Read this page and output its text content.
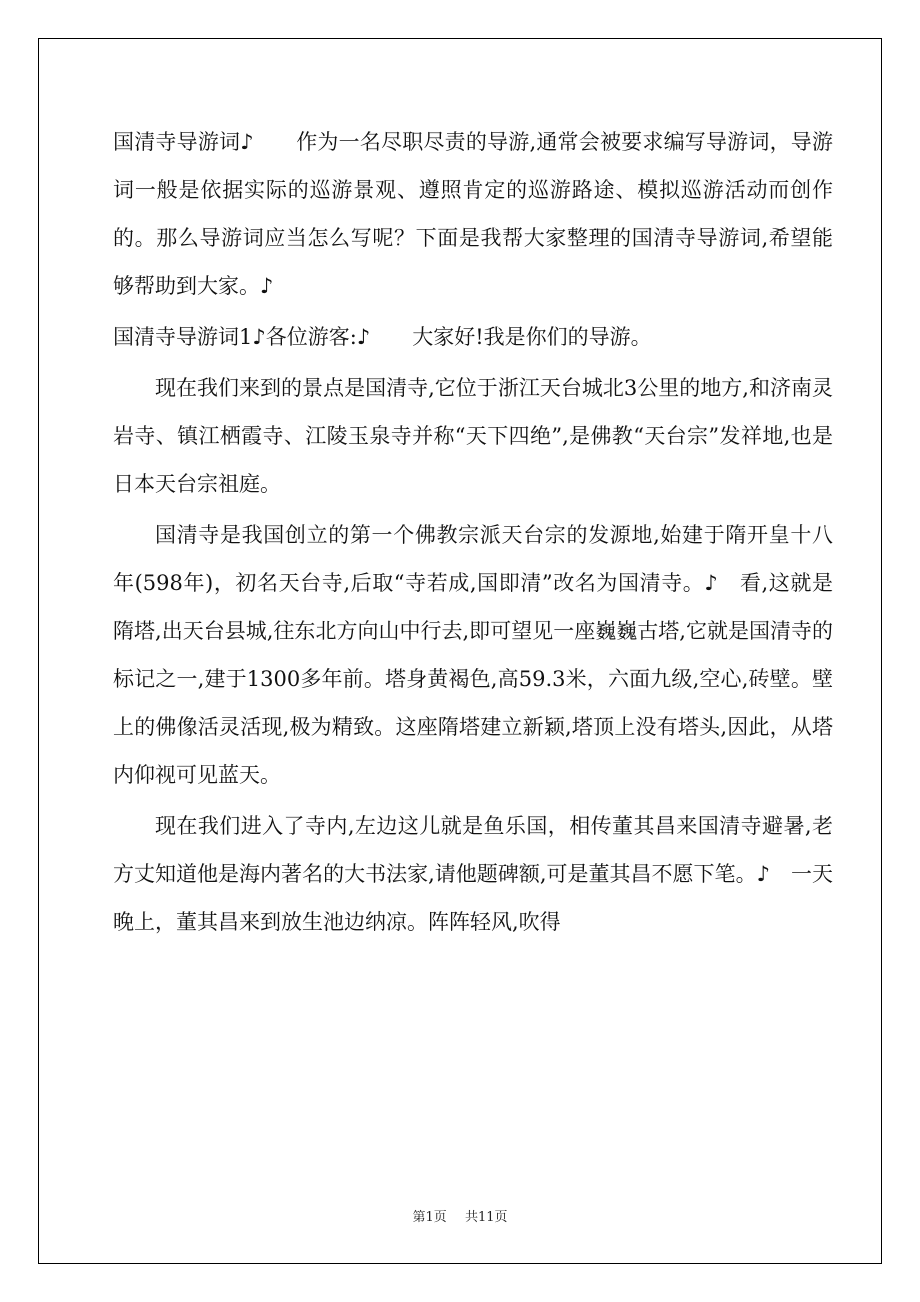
国清寺导游词♪　　作为一名尽职尽责的导游,通常会被要求编写导游词，导游词一般是依据实际的巡游景观、遵照肯定的巡游路途、模拟巡游活动而创作的。那么导游词应当怎么写呢？下面是我帮大家整理的国清寺导游词,希望能够帮助到大家。♪

国清寺导游词1♪各位游客:♪　　大家好!我是你们的导游。

现在我们来到的景点是国清寺,它位于浙江天台城北3公里的地方,和济南灵岩寺、镇江栖霞寺、江陵玉泉寺并称“天下四绝”,是佛教“天台宗”发祥地,也是日本天台宗祖庭。

国清寺是我国创立的第一个佛教宗派天台宗的发源地,始建于隋开皇十八年(598年)，初名天台寺,后取“寺若成,国即清”改名为国清寺。♪　看,这就是隋塔,出天台县城,往东北方向山中行去,即可望见一座巍巍古塔,它就是国清寺的标记之一,建于1300多年前。塔身黄褐色,高59.3米，六面九级,空心,砖壁。壁上的佛像活灵活现,极为精致。这座隋塔建立新颖,塔顶上没有塔头,因此，从塔内仰视可见蓝天。

现在我们进入了寺内,左边这儿就是鱼乐国，相传董其昌来国清寺避暑,老方丈知道他是海内著名的大书法家,请他题碑额,可是董其昌不愿下笔。♪　一天晚上，董其昌来到放生池边纳凉。阵阵轻风,吹得

第1页 共11页
